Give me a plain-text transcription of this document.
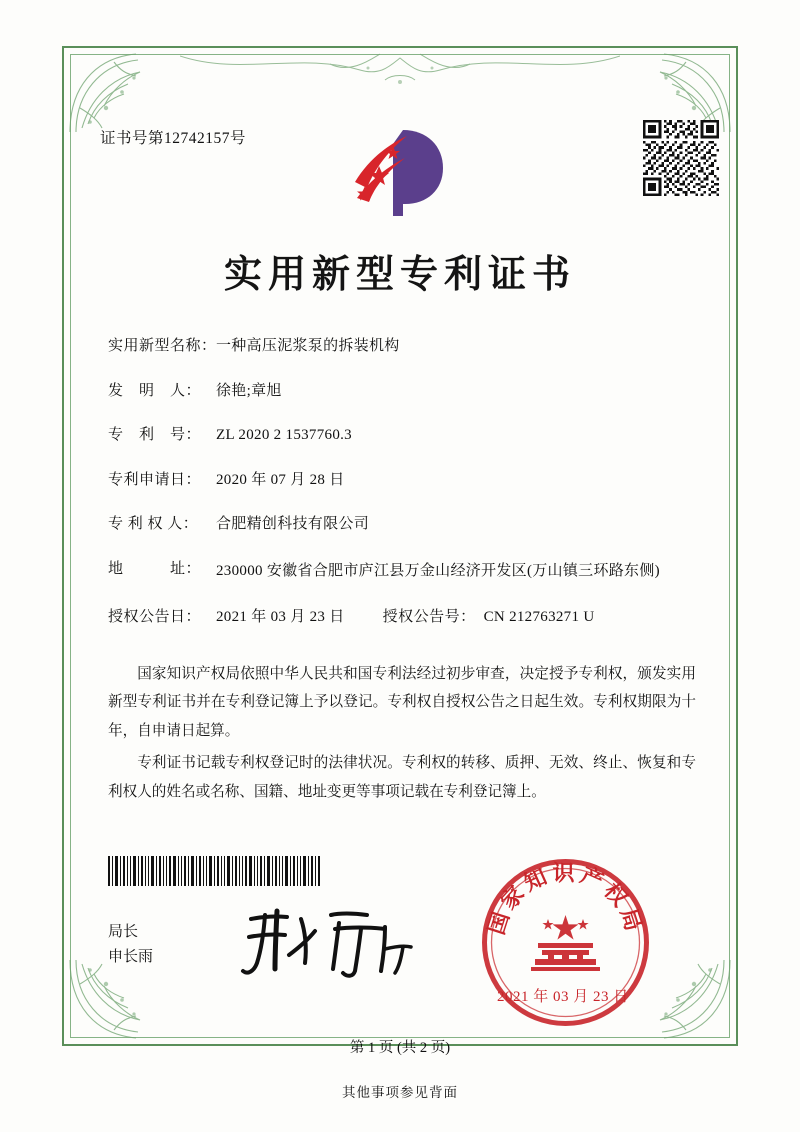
证书号第12742157号
实用新型专利证书
实用新型名称： 一种高压泥浆泵的拆装机构
发　明　人： 徐艳;章旭
专　利　号： ZL 2020 2 1537760.3
专利申请日： 2020 年 07 月 28 日
专 利 权 人：	合肥精创科技有限公司
地　　　址： 230000 安徽省合肥市庐江县万金山经济开发区(万山镇三环路东侧)
授权公告日： 2021 年 03 月 23 日	授权公告号： CN 212763271 U

国家知识产权局依照中华人民共和国专利法经过初步审查，决定授予专利权，颁发实用新型专利证书并在专利登记簿上予以登记。专利权自授权公告之日起生效。专利权期限为十年，自申请日起算。

专利证书记载专利权登记时的法律状况。专利权的转移、质押、无效、终止、恢复和专利权人的姓名或名称、国籍、地址变更等事项记载在专利登记簿上。

局长
申长雨
国家知识产权局
2021 年 03 月 23 日
第 1 页 (共 2 页)
其他事项参见背面
